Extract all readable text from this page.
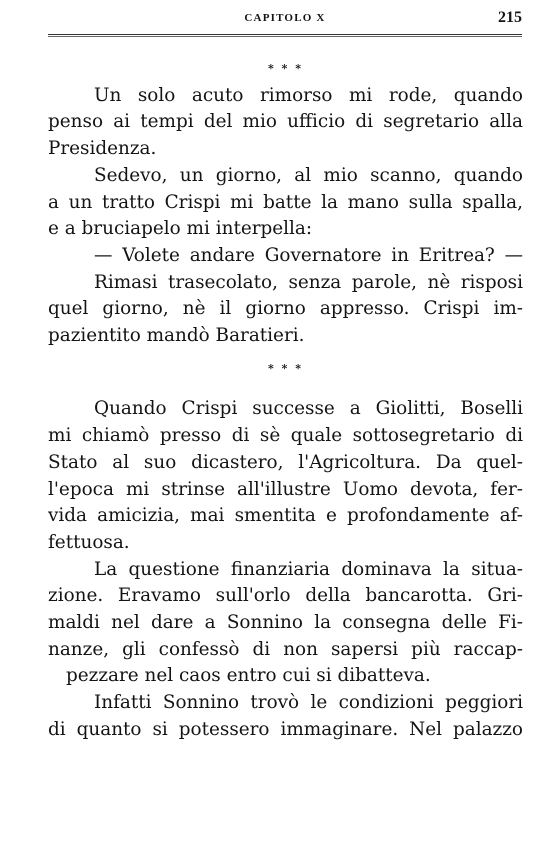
CAPITOLO X	215
* * *
Un solo acuto rimorso mi rode, quando
penso ai tempi del mio ufficio di segretario alla
Presidenza.
Sedevo, un giorno, al mio scanno, quando
a un tratto Crispi mi batte la mano sulla spalla,
e a bruciapelo mi interpella:
— Volete andare Governatore in Eritrea? —
Rimasi trasecolato, senza parole, nè risposi
quel giorno, nè il giorno appresso. Crispi im-
pazientito mandò Baratieri.
* * *
Quando Crispi successe a Giolitti, Boselli
mi chiamò presso di sè quale sottosegretario di
Stato al suo dicastero, l'Agricoltura. Da quel-
l'epoca mi strinse all'illustre Uomo devota, fer-
vida amicizia, mai smentita e profondamente af-
fettuosa.
La questione finanziaria dominava la situa-
zione. Eravamo sull'orlo della bancarotta. Gri-
maldi nel dare a Sonnino la consegna delle Fi-
nanze, gli confessò di non sapersi più raccap-
pezzare nel caos entro cui si dibatteva.
Infatti Sonnino trovò le condizioni peggiori
di quanto si potessero immaginare. Nel palazzo
